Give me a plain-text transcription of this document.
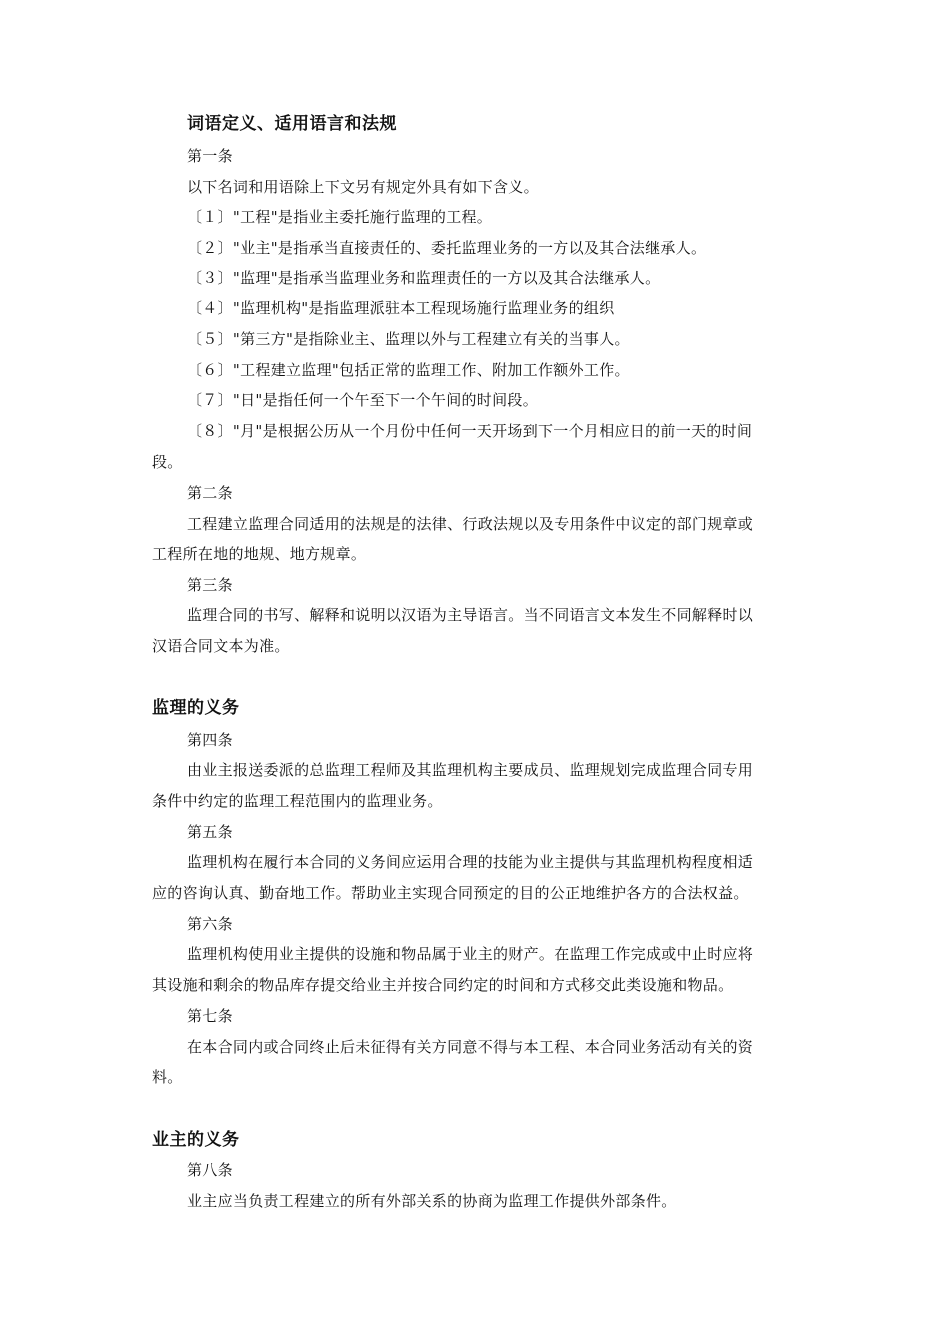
词语定义、适用语言和法规
第一条
以下名词和用语除上下文另有规定外具有如下含义。
〔１〕"工程"是指业主委托施行监理的工程。
〔２〕"业主"是指承当直接责任的、委托监理业务的一方以及其合法继承人。
〔３〕"监理"是指承当监理业务和监理责任的一方以及其合法继承人。
〔４〕"监理机构"是指监理派驻本工程现场施行监理业务的组织
〔５〕"第三方"是指除业主、监理以外与工程建立有关的当事人。
〔６〕"工程建立监理"包括正常的监理工作、附加工作额外工作。
〔７〕"日"是指任何一个午至下一个午间的时间段。
〔８〕"月"是根据公历从一个月份中任何一天开场到下一个月相应日的前一天的时间
段。
第二条
工程建立监理合同适用的法规是的法律、行政法规以及专用条件中议定的部门规章或
工程所在地的地规、地方规章。
第三条
监理合同的书写、解释和说明以汉语为主导语言。当不同语言文本发生不同解释时以
汉语合同文本为准。
监理的义务
第四条
由业主报送委派的总监理工程师及其监理机构主要成员、监理规划完成监理合同专用
条件中约定的监理工程范围内的监理业务。
第五条
监理机构在履行本合同的义务间应运用合理的技能为业主提供与其监理机构程度相适
应的咨询认真、勤奋地工作。帮助业主实现合同预定的目的公正地维护各方的合法权益。
第六条
监理机构使用业主提供的设施和物品属于业主的财产。在监理工作完成或中止时应将
其设施和剩余的物品库存提交给业主并按合同约定的时间和方式移交此类设施和物品。
第七条
在本合同内或合同终止后未征得有关方同意不得与本工程、本合同业务活动有关的资
料。
业主的义务
第八条
业主应当负责工程建立的所有外部关系的协商为监理工作提供外部条件。
